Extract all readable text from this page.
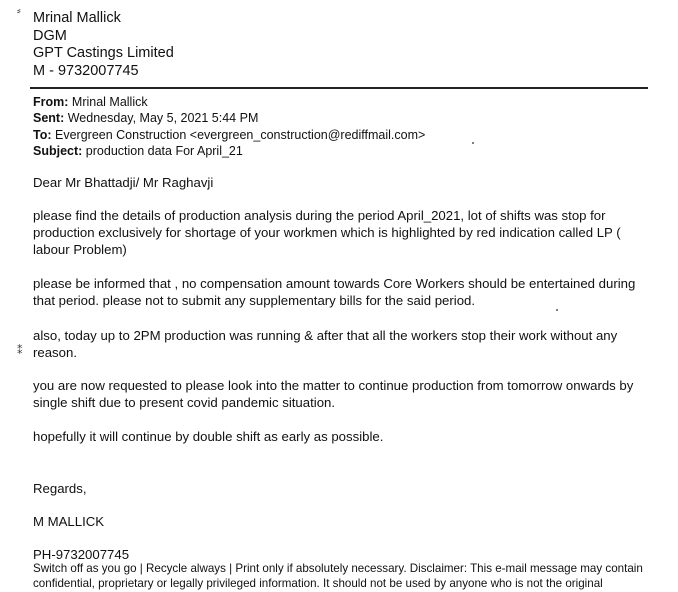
⸗
⁑
Mrinal Mallick
DGM
GPT Castings Limited
M - 9732007745
From: Mrinal Mallick
Sent: Wednesday, May 5, 2021 5:44 PM
To: Evergreen Construction <evergreen_construction@rediffmail.com>
Subject: production data For April_21
Dear Mr Bhattadji/ Mr Raghavji
please find the details of production analysis during the period April_2021, lot of shifts was stop for
production exclusively for shortage of your workmen which is highlighted by red indication called LP (
labour Problem)
please be informed that , no compensation amount towards Core Workers should be entertained during
that period. please not to submit any supplementary bills for the said period.
also, today up to 2PM production was running & after that all the workers stop their work without any
reason.
you are now requested to please look into the matter to continue production from tomorrow onwards by
single shift due to present covid pandemic situation.
hopefully it will continue by double shift as early as possible.
Regards,
M MALLICK
PH-9732007745
Switch off as you go | Recycle always | Print only if absolutely necessary. Disclaimer: This e-mail message may contain
confidential, proprietary or legally privileged information. It should not be used by anyone who is not the original
